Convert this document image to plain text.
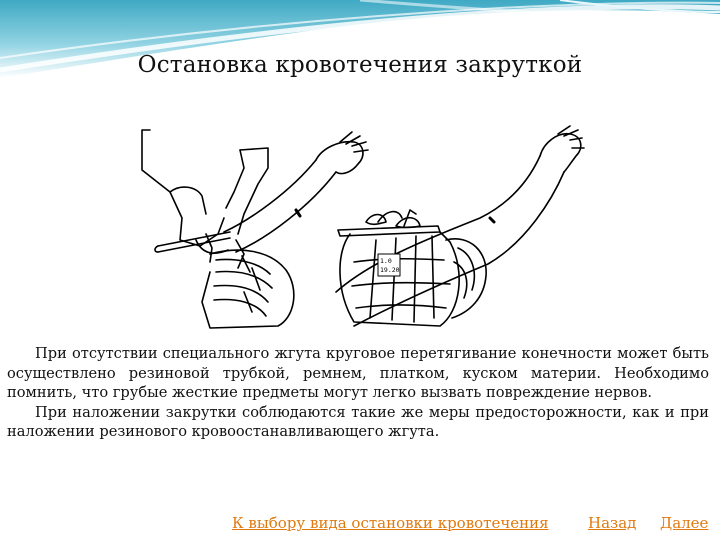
Остановка кровотечения закруткой
1.0
19.20

При отсутствии специального жгута круговое перетягивание конечности может быть осуществлено резиновой трубкой, ремнем, платком, куском материи. Необходимо помнить, что грубые жесткие предметы могут легко вызвать повреждение нервов.

При наложении закрутки соблюдаются такие же меры предосторожности, как и при наложении резинового кровоостанавливающего жгута.

К выбору вида остановки кровотечения	Назад Далее
